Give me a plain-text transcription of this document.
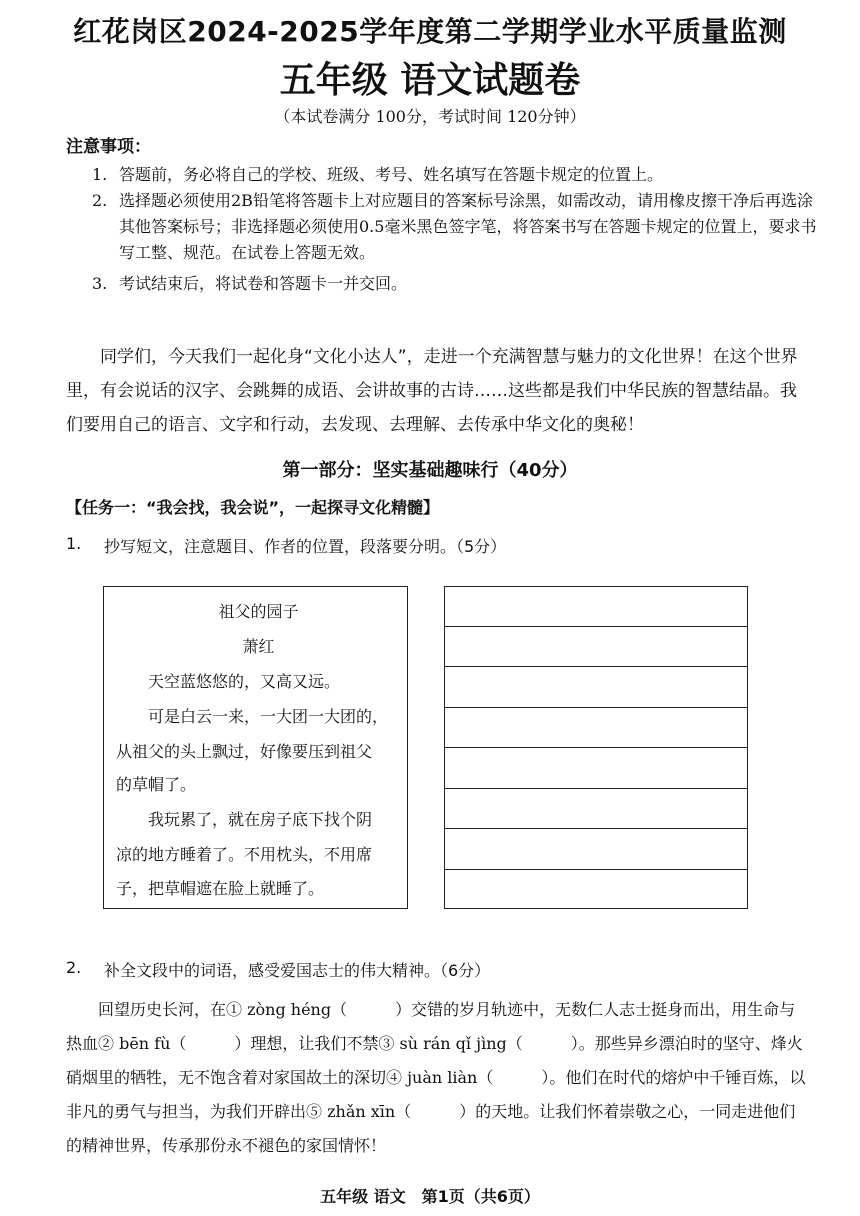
红花岗区2024-2025学年度第二学期学业水平质量监测
五年级 语文试题卷
（本试卷满分 100分，考试时间 120分钟）
注意事项：
1. 答题前，务必将自己的学校、班级、考号、姓名填写在答题卡规定的位置上。
2. 选择题必须使用2B铅笔将答题卡上对应题目的答案标号涂黑，如需改动，请用橡皮擦干净后再选涂其他答案标号；非选择题必须使用0.5毫米黑色签字笔，将答案书写在答题卡规定的位置上，要求书写工整、规范。在试卷上答题无效。
3. 考试结束后，将试卷和答题卡一并交回。
同学们，今天我们一起化身“文化小达人”，走进一个充满智慧与魅力的文化世界！在这个世界里，有会说话的汉字、会跳舞的成语、会讲故事的古诗……这些都是我们中华民族的智慧结晶。我们要用自己的语言、文字和行动，去发现、去理解、去传承中华文化的奥秘！
第一部分：坚实基础趣味行（40分）
【任务一：“我会找，我会说”，一起探寻文化精髓】
1. 抄写短文，注意题目、作者的位置，段落要分明。（5分）
祖父的园子
萧红
天空蓝悠悠的，又高又远。
可是白云一来，一大团一大团的，
从祖父的头上飘过，好像要压到祖父
的草帽了。
我玩累了，就在房子底下找个阴
凉的地方睡着了。不用枕头，不用席
子，把草帽遮在脸上就睡了。
2. 补全文段中的词语，感受爱国志士的伟大精神。（6分）
回望历史长河，在① zòng héng（　　　）交错的岁月轨迹中，无数仁人志士挺身而出，用生命与热血② bēn fù（　　　）理想，让我们不禁③ sù rán qǐ jìng（　　　）。那些异乡漂泊时的坚守、烽火硝烟里的牺牲，无不饱含着对家国故土的深切④ juàn liàn（　　　）。他们在时代的熔炉中千锤百炼，以非凡的勇气与担当，为我们开辟出⑤ zhǎn xīn（　　　）的天地。让我们怀着崇敬之心，一同走进他们的精神世界，传承那份永不褪色的家国情怀！
五年级 语文　第1页（共6页）
